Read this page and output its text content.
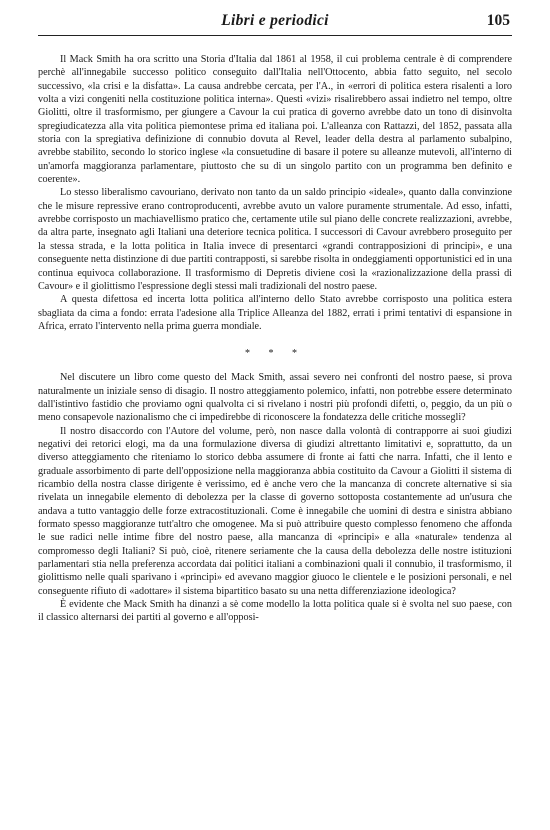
Libri e periodici	105

Il Mack Smith ha ora scritto una Storia d'Italia dal 1861 al 1958, il cui problema centrale è di comprendere perchè all'innegabile successo politico conseguito dall'Italia nell'Ottocento, abbia fatto seguito, nel secolo successivo, «la crisi e la disfatta». La causa andrebbe cercata, per l'A., in «errori di politica estera risalenti a loro volta a vizi congeniti nella costituzione politica interna». Questi «vizi» risalirebbero assai indietro nel tempo, oltre Giolitti, oltre il trasformismo, per giungere a Cavour la cui pratica di governo avrebbe dato un tono di disinvolta spregiudicatezza alla vita politica piemontese prima ed italiana poi. L'alleanza con Rattazzi, del 1852, passata alla storia con la spregiativa definizione di connubio dovuta al Revel, leader della destra al parlamento subalpino, avrebbe stabilito, secondo lo storico inglese «la consuetudine di basare il potere su alleanze mutevoli, all'interno di un'amorfa maggioranza parlamentare, piuttosto che su di un singolo partito con un programma ben definito e coerente».

Lo stesso liberalismo cavouriano, derivato non tanto da un saldo principio «ideale», quanto dalla convinzione che le misure repressive erano controproducenti, avrebbe avuto un valore puramente strumentale. Ad esso, infatti, avrebbe corrisposto un machiavellismo pratico che, certamente utile sul piano delle concrete realizzazioni, avrebbe, da altra parte, insegnato agli Italiani una deteriore tecnica politica. I successori di Cavour avrebbero proseguito per la stessa strada, e la lotta politica in Italia invece di presentarci «grandi contrapposizioni di principi», e una conseguente netta distinzione di due partiti contrapposti, si sarebbe risolta in ondeggiamenti opportunistici ed in una continua equivoca collaborazione. Il trasformismo di Depretis diviene così la «razionalizzazione della prassi di Cavour» e il giolittismo l'espressione degli stessi mali tradizionali del nostro paese.

A questa difettosa ed incerta lotta politica all'interno dello Stato avrebbe corrisposto una politica estera sbagliata da cima a fondo: errata l'adesione alla Triplice Alleanza del 1882, errati i primi tentativi di espansione in Africa, errato l'intervento nella prima guerra mondiale.

* * *

Nel discutere un libro come questo del Mack Smith, assai severo nei confronti del nostro paese, si prova naturalmente un iniziale senso di disagio. Il nostro atteggiamento polemico, infatti, non potrebbe essere determinato dall'istintivo fastidio che proviamo ogni qualvolta ci si rivelano i nostri più profondi difetti, o, peggio, da un più o meno consapevole nazionalismo che ci impedirebbe di riconoscere la fondatezza delle critiche mossegli?

Il nostro disaccordo con l'Autore del volume, però, non nasce dalla volontà di contrapporre ai suoi giudizi negativi dei retorici elogi, ma da una formulazione diversa di giudizi altrettanto limitativi e, soprattutto, da un diverso atteggiamento che riteniamo lo storico debba assumere di fronte ai fatti che narra. Infatti, che il lento e graduale assorbimento di parte dell'opposizione nella maggioranza abbia costituito da Cavour a Giolitti il sistema di ricambio della nostra classe dirigente è verissimo, ed è anche vero che la mancanza di concrete alternative si sia rivelata un innegabile elemento di debolezza per la classe di governo sottoposta costantemente ad un'usura che andava a tutto vantaggio delle forze extracostituzionali. Come è innegabile che uomini di destra e sinistra abbiano formato spesso maggioranze tutt'altro che omogenee. Ma si può attribuire questo complesso fenomeno che affonda le sue radici nelle intime fibre del nostro paese, alla mancanza di «principi» e alla «naturale» tendenza al compromesso degli Italiani? Si può, cioè, ritenere seriamente che la causa della debolezza delle nostre istituzioni parlamentari stia nella preferenza accordata dai politici italiani a combinazioni quali il connubio, il trasformismo, il giolittismo nelle quali sparivano i «principi» ed avevano maggior giuoco le clientele e le posizioni personali, e nel conseguente rifiuto di «adottare» il sistema bipartitico basato su una netta differenziazione ideologica?

È evidente che Mack Smith ha dinanzi a sè come modello la lotta politica quale si è svolta nel suo paese, con il classico alternarsi dei partiti al governo e all'opposi-
